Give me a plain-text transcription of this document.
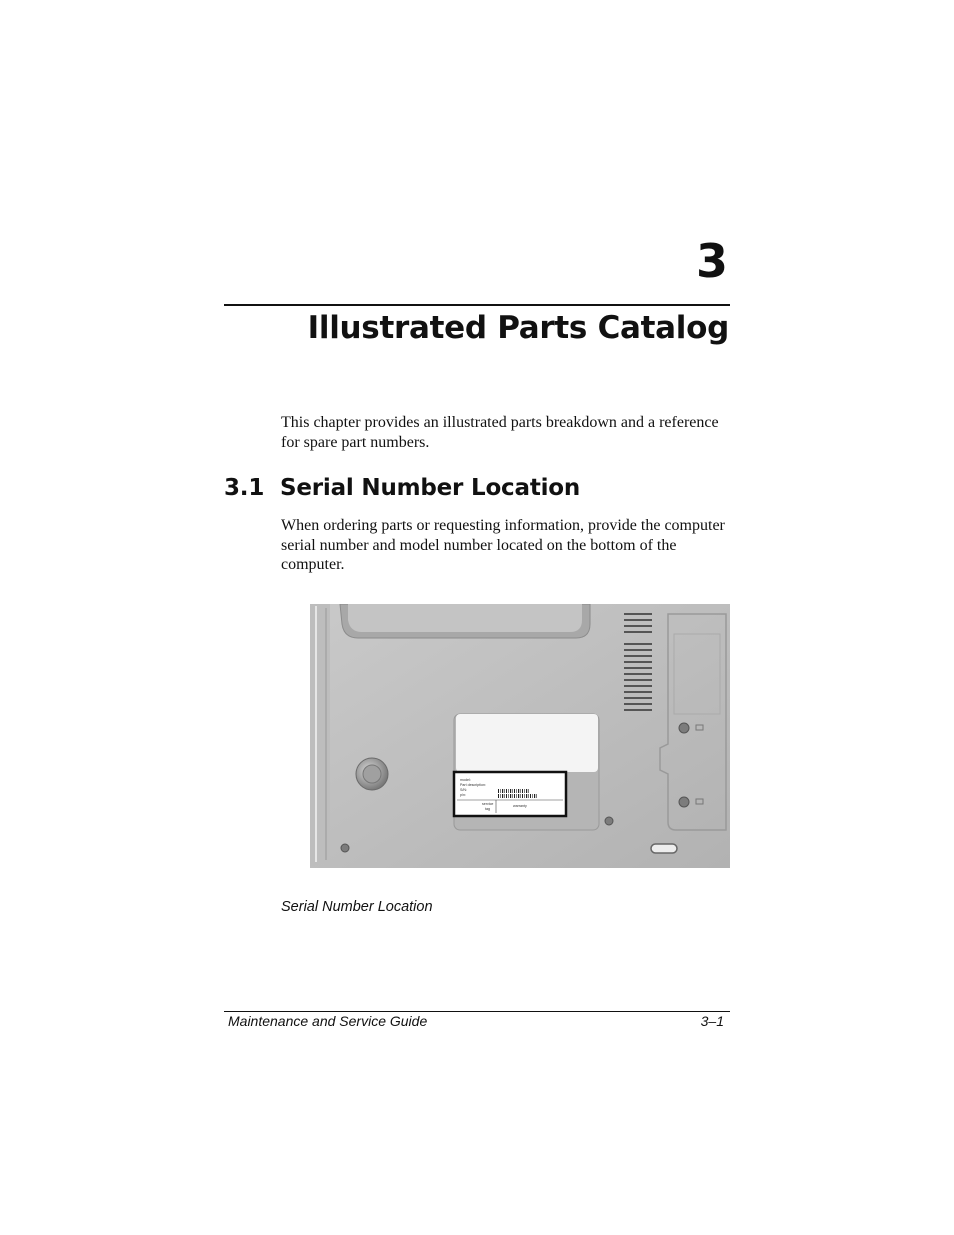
3
Illustrated Parts Catalog

This chapter provides an illustrated parts breakdown and a reference for spare part numbers.

3.1 Serial Number Location

When ordering parts or requesting information, provide the computer serial number and model number located on the bottom of the computer.

model:
Part description:
S/N:
p/n:
service
tag
warranty
Serial Number Location
Maintenance and Service Guide	3–1
